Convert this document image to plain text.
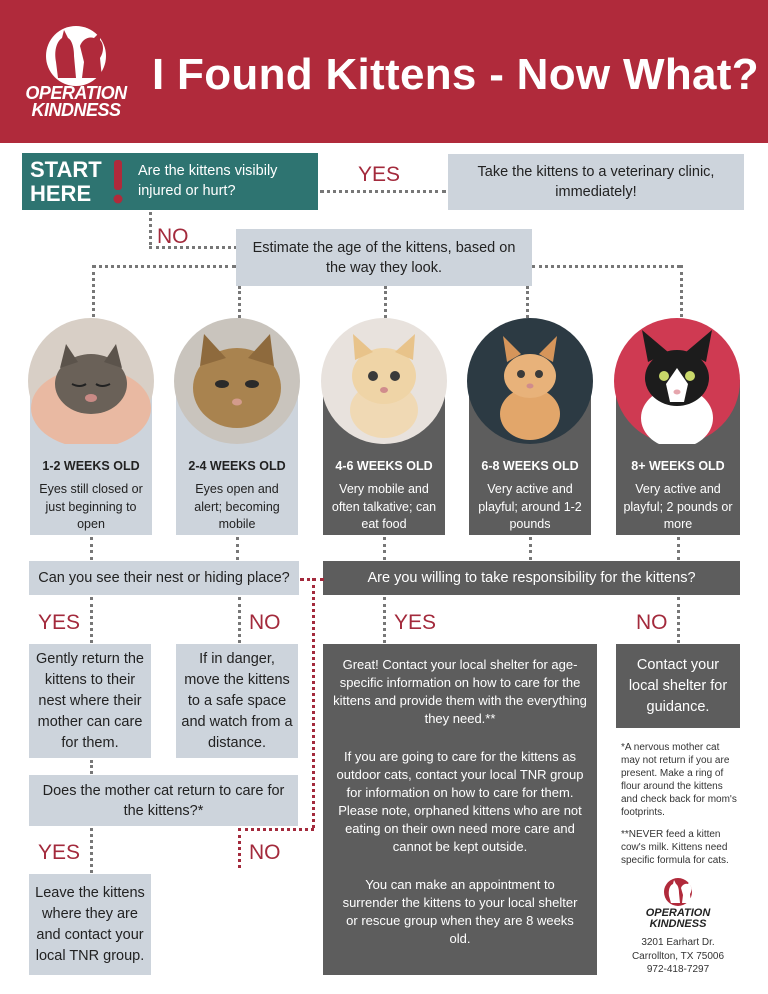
OPERATION
KINDNESS
I Found Kittens - Now What?
START
HERE
Are the kittens visibily injured or hurt?
YES	Take the kittens to a veterinary clinic, immediately!
NO	Estimate the age of the kittens, based on the way they look.
1-2 WEEKS OLD
Eyes still closed or just beginning to open
2-4 WEEKS OLD
Eyes open and alert; becoming mobile
4-6 WEEKS OLD
Very mobile and often talkative; can eat food
6-8 WEEKS OLD
Very active and playful; around 1-2 pounds
8+ WEEKS OLD
Very active and playful; 2 pounds or more
Can you see their nest or hiding place?	Are you willing to take responsibility for the kittens?
YES	NO	YES	NO
Gently return the kittens to their nest where their mother can care for them.
If in danger, move the kittens to a safe space and watch from a distance.
Great! Contact your local shelter for age-specific information on how to care for the kittens and provide them with the everything they need.**
If you are going to care for the kittens as outdoor cats, contact your local TNR group for information on how to care for them. Please note, orphaned kittens who are not eating on their own need more care and cannot be kept outside.
You can make an appointment to surrender the kittens to your local shelter or rescue group when they are 8 weeks old.
Contact your local shelter for guidance.
*A nervous mother cat may not return if you are present. Make a ring of flour around the kittens and check back for mom's footprints.
**NEVER feed a kitten cow's milk. Kittens need specific formula for cats.
Does the mother cat return to care for the kittens?*
YES	NO
Leave the kittens where they are and contact your local TNR group.
OPERATION
KINDNESS
3201 Earhart Dr.
Carrollton, TX 75006
972-418-7297
